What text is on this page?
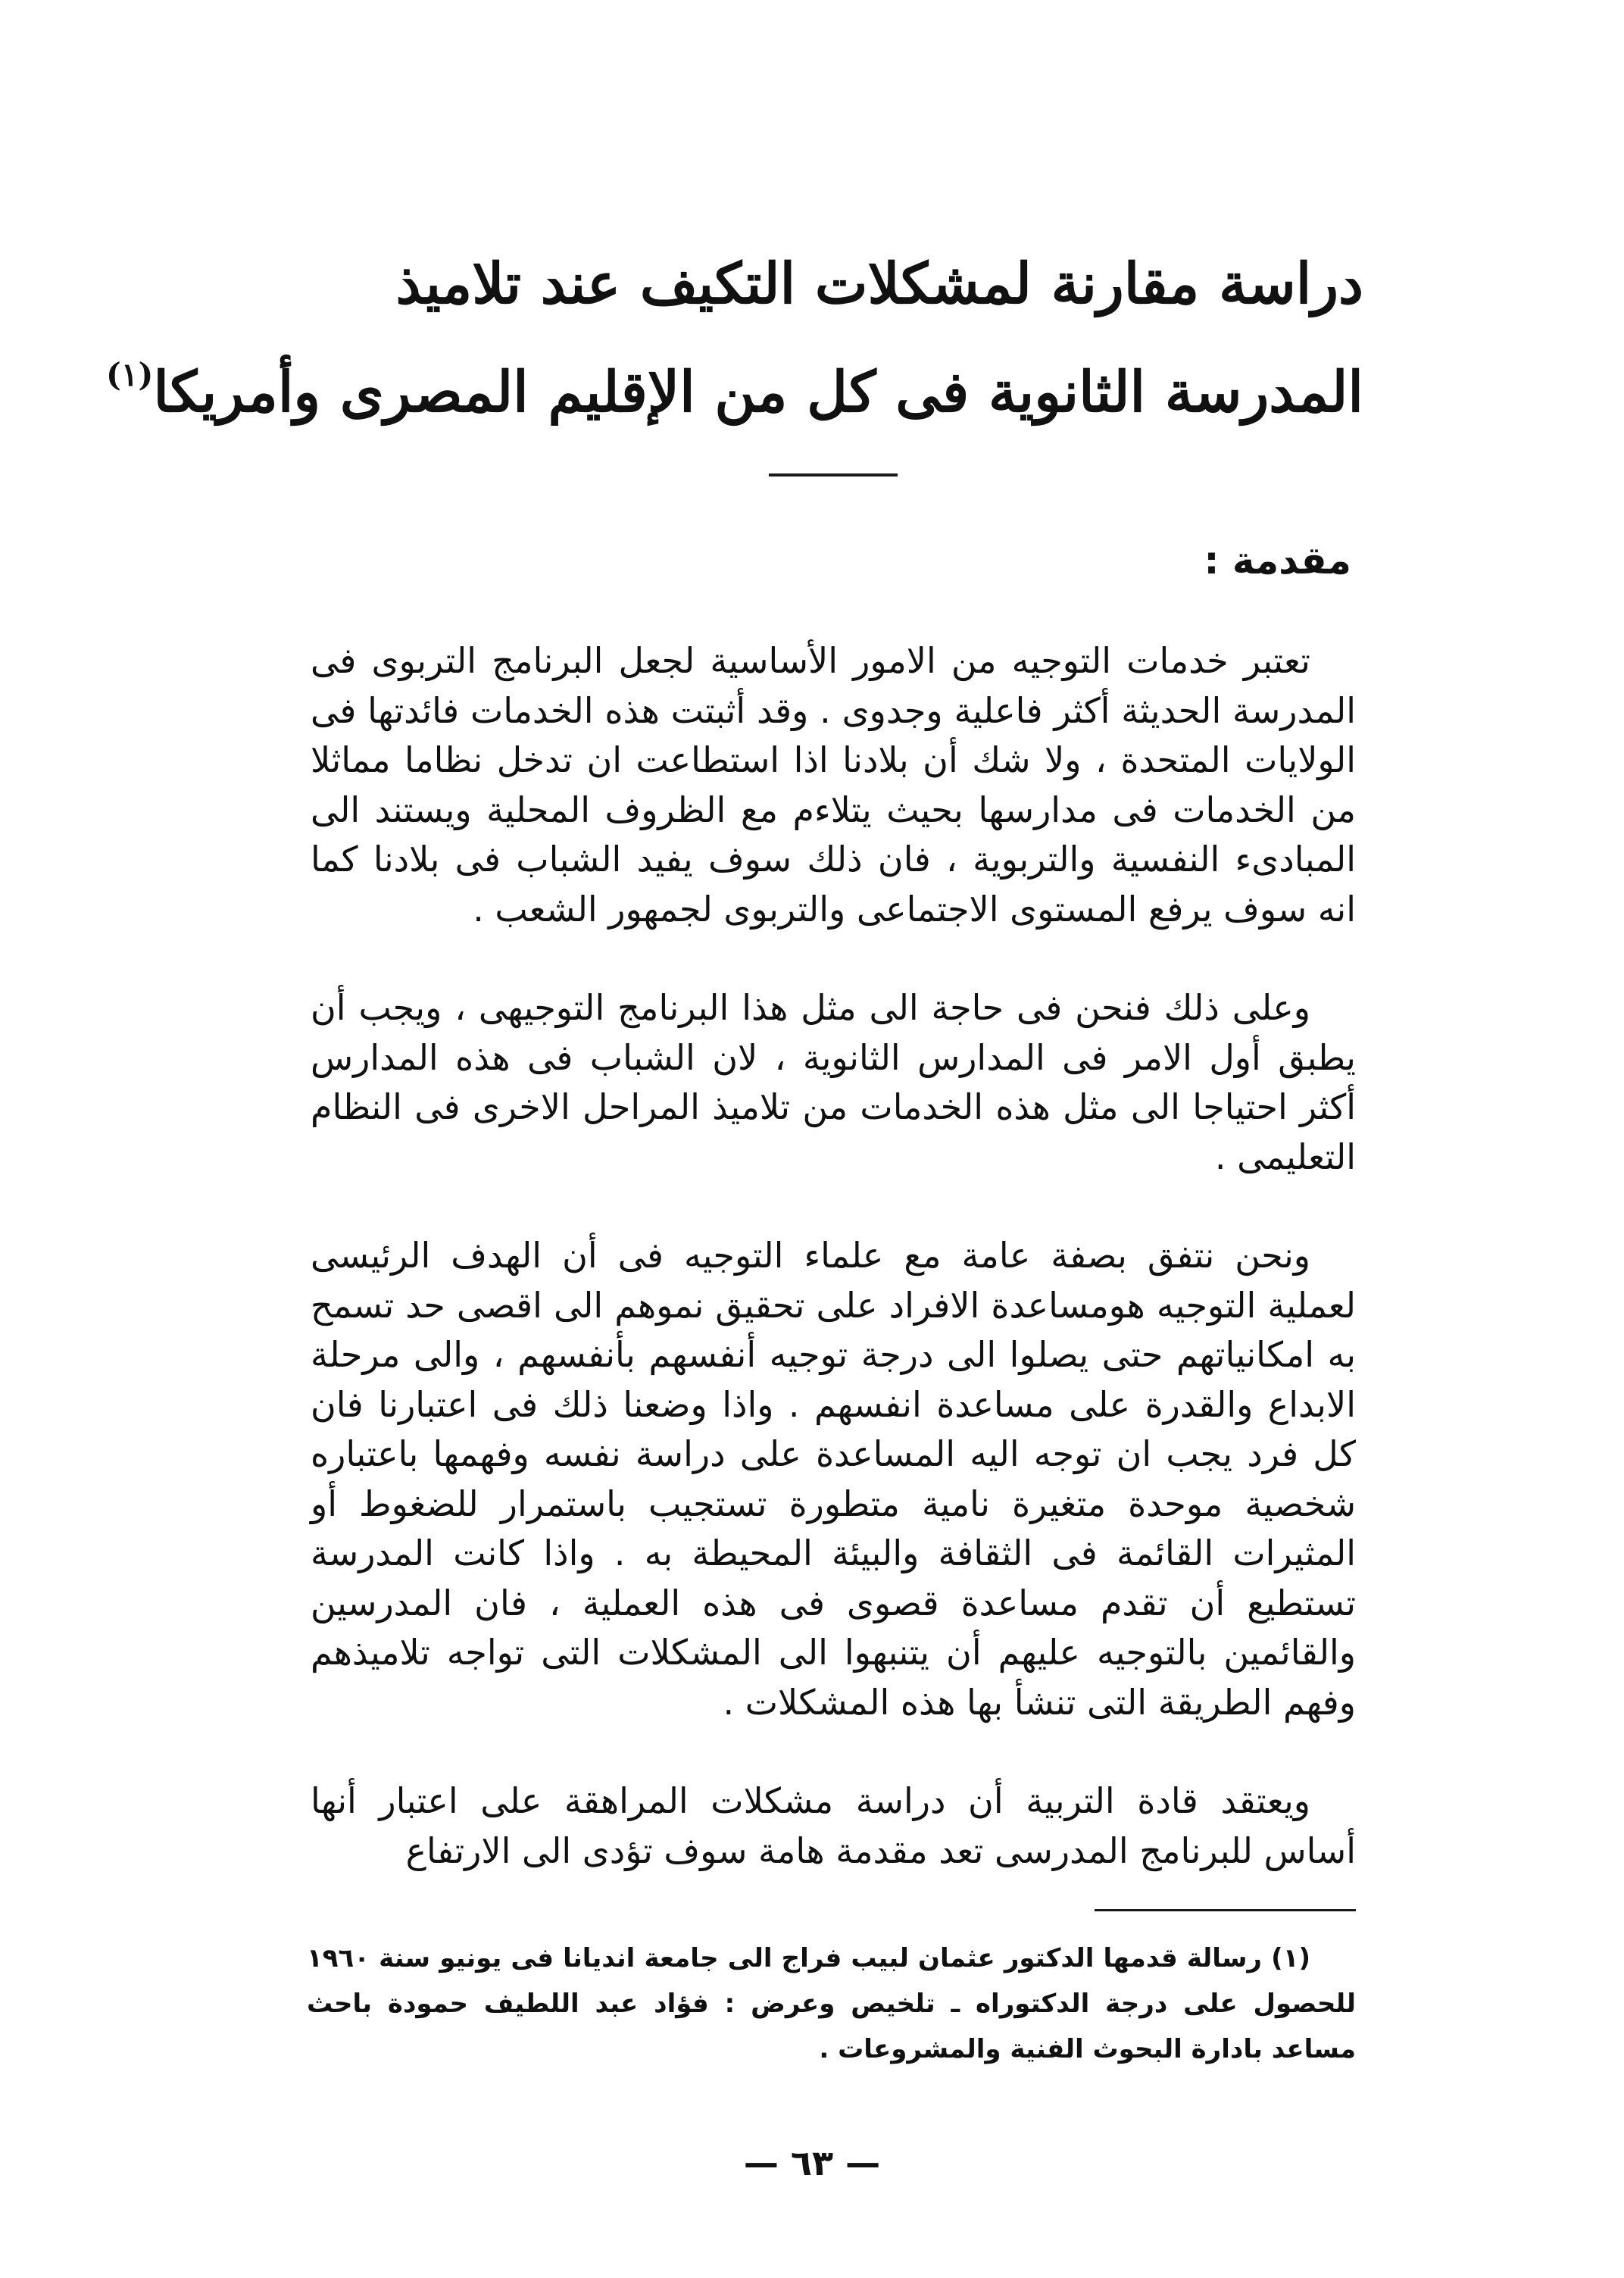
دراسة مقارنة لمشكلات التكيف عند تلاميذ
المدرسة الثانوية فى كل من الإقليم المصرى وأمريكا$^{(١)}$
مقدمة :

تعتبر خدمات التوجيه من الامور الأساسية لجعل البرنامج التربوى فى المدرسة الحديثة أكثر فاعلية وجدوى . وقد أثبتت هذه الخدمات فائدتها فى الولايات المتحدة ، ولا شك أن بلادنا اذا استطاعت ان تدخل نظاما مماثلا من الخدمات فى مدارسها بحيث يتلاءم مع الظروف المحلية ويستند الى المبادىء النفسية والتربوية ، فان ذلك سوف يفيد الشباب فى بلادنا كما انه سوف يرفع المستوى الاجتماعى والتربوى لجمهور الشعب .

وعلى ذلك فنحن فى حاجة الى مثل هذا البرنامج التوجيهى ، ويجب أن يطبق أول الامر فى المدارس الثانوية ، لان الشباب فى هذه المدارس أكثر احتياجا الى مثل هذه الخدمات من تلاميذ المراحل الاخرى فى النظام التعليمى .

ونحن نتفق بصفة عامة مع علماء التوجيه فى أن الهدف الرئيسى لعملية التوجيه هومساعدة الافراد على تحقيق نموهم الى اقصى حد تسمح به امكانياتهم حتى يصلوا الى درجة توجيه أنفسهم بأنفسهم ، والى مرحلة الابداع والقدرة على مساعدة انفسهم . واذا وضعنا ذلك فى اعتبارنا فان كل فرد يجب ان توجه اليه المساعدة على دراسة نفسه وفهمها باعتباره شخصية موحدة متغيرة نامية متطورة تستجيب باستمرار للضغوط أو المثيرات القائمة فى الثقافة والبيئة المحيطة به . واذا كانت المدرسة تستطيع أن تقدم مساعدة قصوى فى هذه العملية ، فان المدرسين والقائمين بالتوجيه عليهم أن يتنبهوا الى المشكلات التى تواجه تلاميذهم وفهم الطريقة التى تنشأ بها هذه المشكلات .

ويعتقد قادة التربية أن دراسة مشكلات المراهقة على اعتبار أنها أساس للبرنامج المدرسى تعد مقدمة هامة سوف تؤدى الى الارتفاع

(١) رسالة قدمها الدكتور عثمان لبيب فراج الى جامعة انديانا فى يونيو سنة ١٩٦٠ للحصول على درجة الدكتوراه ـ تلخيص وعرض : فؤاد عبد اللطيف حمودة باحث مساعد بادارة البحوث الفنية والمشروعات .

— ٦٣ —
